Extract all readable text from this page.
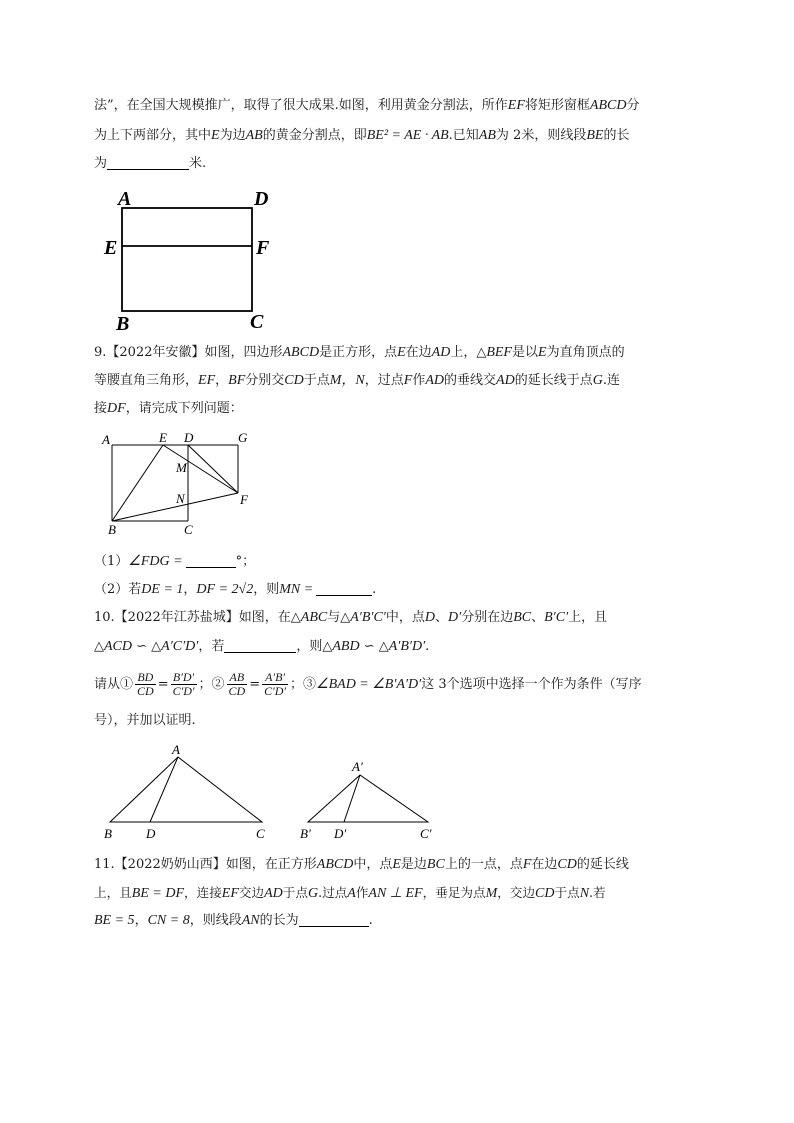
法”，在全国大规模推广，取得了很大成果.如图，利用黄金分割法，所作EF将矩形窗框ABCD分
为上下两部分，其中E为边AB的黄金分割点，即BE² = AE · AB.已知AB为 2米，则线段BE的长
为	米.
A	D
E	F
B	C
9.【2022年安徽】如图，四边形ABCD是正方形，点E在边AD上，△BEF是以E为直角顶点的
等腰直角三角形，EF，BF分别交CD于点M，N，过点F作AD的垂线交AD的延长线于点G.连
接DF，请完成下列问题：
A	E D	G
M
N	F
B	C
（1）∠FDG =	°；
（2）若DE = 1，DF = 2√2，则MN =	.
10.【2022年江苏盐城】如图，在△ABC与△A′B′C′中，点D、D′分别在边BC、B′C′上，且
△ACD ∽ △A′C′D′，若	，则△ABD ∽ △A′B′D′.
请从① $\frac{BD}{CD} = \frac{B'D'}{C'D'}$ ；② $\frac{AB}{CD} = \frac{A'B'}{C'D'}$ ；③∠BAD = ∠B′A′D′这 3个选项中选择一个作为条件（写序
号），并加以证明.
A
B	D	C
A′
B′ D′	C′
11.【2022奶奶山西】如图，在正方形ABCD中，点E是边BC上的一点，点F在边CD的延长线
上，且BE = DF，连接EF交边AD于点G.过点A作AN ⊥ EF，垂足为点M，交边CD于点N.若
BE = 5，CN = 8，则线段AN的长为	.
